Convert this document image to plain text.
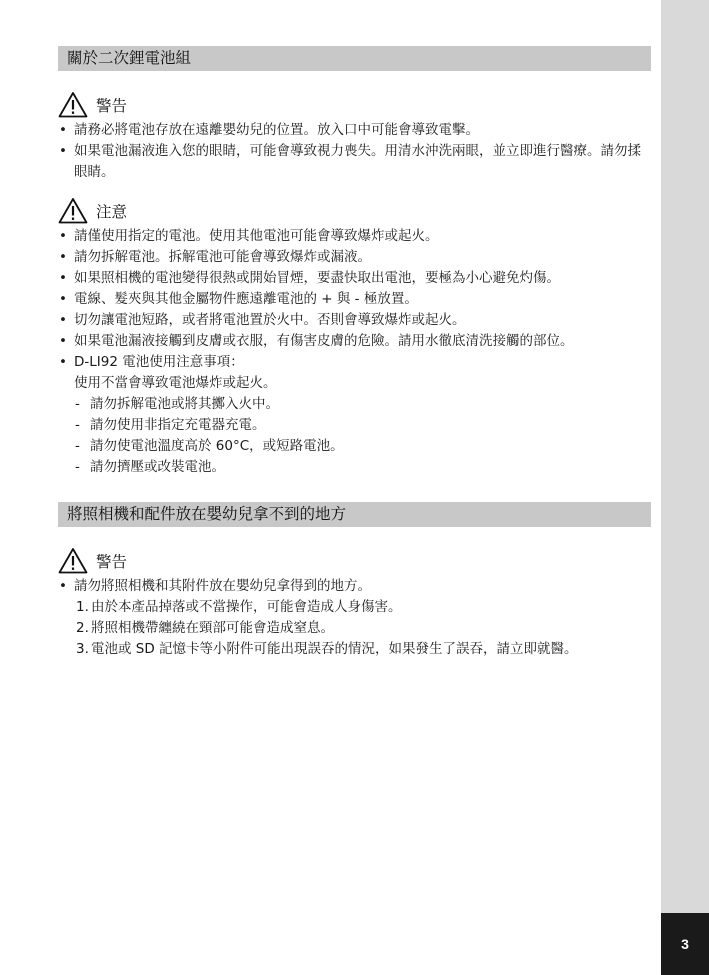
3
關於二次鋰電池組
警告
• 請務必將電池存放在遠離嬰幼兒的位置。放入口中可能會導致電擊。
• 如果電池漏液進入您的眼睛，可能會導致視力喪失。用清水沖洗兩眼，並立即進行醫療。請勿揉眼睛。
注意
• 請僅使用指定的電池。使用其他電池可能會導致爆炸或起火。
• 請勿拆解電池。拆解電池可能會導致爆炸或漏液。
• 如果照相機的電池變得很熱或開始冒煙，要盡快取出電池，要極為小心避免灼傷。
• 電線、髮夾與其他金屬物件應遠離電池的 + 與 - 極放置。
• 切勿讓電池短路，或者將電池置於火中。否則會導致爆炸或起火。
• 如果電池漏液接觸到皮膚或衣服，有傷害皮膚的危險。請用水徹底清洗接觸的部位。
• D-LI92 電池使用注意事項：
使用不當會導致電池爆炸或起火。
- 請勿拆解電池或將其擲入火中。
- 請勿使用非指定充電器充電。
- 請勿使電池溫度高於 60°C，或短路電池。
- 請勿擠壓或改裝電池。
將照相機和配件放在嬰幼兒拿不到的地方
警告
• 請勿將照相機和其附件放在嬰幼兒拿得到的地方。
1. 由於本產品掉落或不當操作，可能會造成人身傷害。
2. 將照相機帶纏繞在頸部可能會造成窒息。
3. 電池或 SD 記憶卡等小附件可能出現誤吞的情況，如果發生了誤吞，請立即就醫。
